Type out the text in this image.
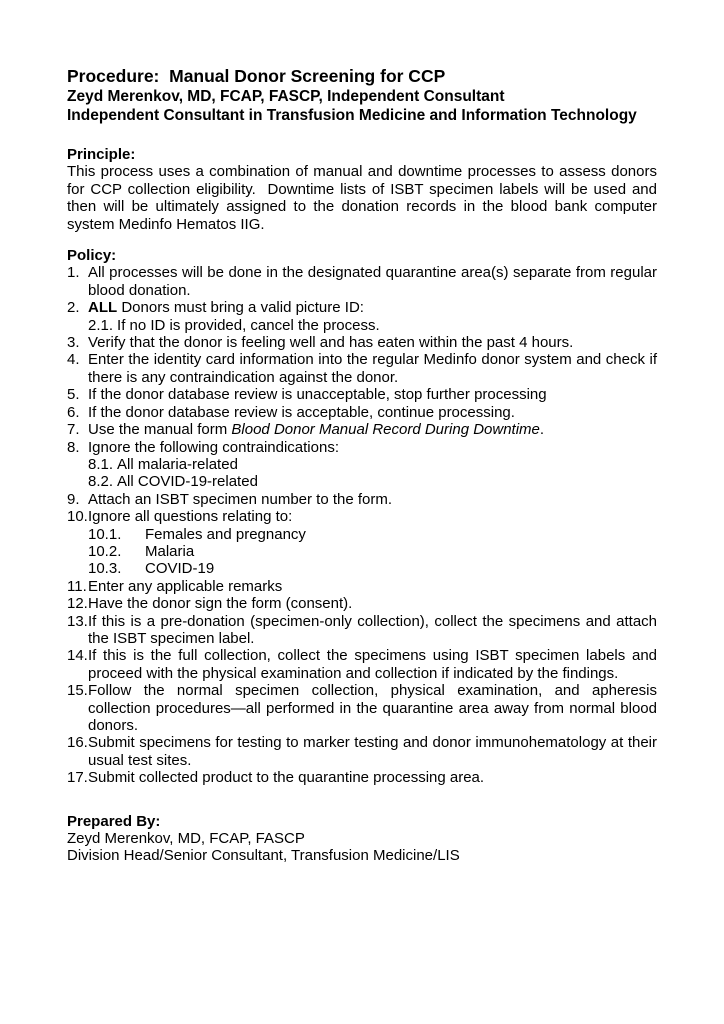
Procedure:  Manual Donor Screening for CCP

Zeyd Merenkov, MD, FCAP, FASCP, Independent Consultant

Independent Consultant in Transfusion Medicine and Information Technology

Principle:

This process uses a combination of manual and downtime processes to assess donors for CCP collection eligibility.  Downtime lists of ISBT specimen labels will be used and then will be ultimately assigned to the donation records in the blood bank computer system Medinfo Hematos IIG.

Policy:
1. All processes will be done in the designated quarantine area(s) separate from regular blood donation.
2. ALL Donors must bring a valid picture ID:
2.1. If no ID is provided, cancel the process.
3. Verify that the donor is feeling well and has eaten within the past 4 hours.
4. Enter the identity card information into the regular Medinfo donor system and check if there is any contraindication against the donor.
5. If the donor database review is unacceptable, stop further processing
6. If the donor database review is acceptable, continue processing.
7. Use the manual form Blood Donor Manual Record During Downtime.
8. Ignore the following contraindications:
8.1. All malaria-related
8.2. All COVID-19-related
9. Attach an ISBT specimen number to the form.
10. Ignore all questions relating to:
10.1.	Females and pregnancy
10.2.	Malaria
10.3.	COVID-19
11. Enter any applicable remarks
12. Have the donor sign the form (consent).
13. If this is a pre-donation (specimen-only collection), collect the specimens and attach the ISBT specimen label.
14. If this is the full collection, collect the specimens using ISBT specimen labels and proceed with the physical examination and collection if indicated by the findings.
15. Follow the normal specimen collection, physical examination, and apheresis collection procedures—all performed in the quarantine area away from normal blood donors.
16. Submit specimens for testing to marker testing and donor immunohematology at their usual test sites.
17. Submit collected product to the quarantine processing area.
Prepared By:

Zeyd Merenkov, MD, FCAP, FASCP

Division Head/Senior Consultant, Transfusion Medicine/LIS
